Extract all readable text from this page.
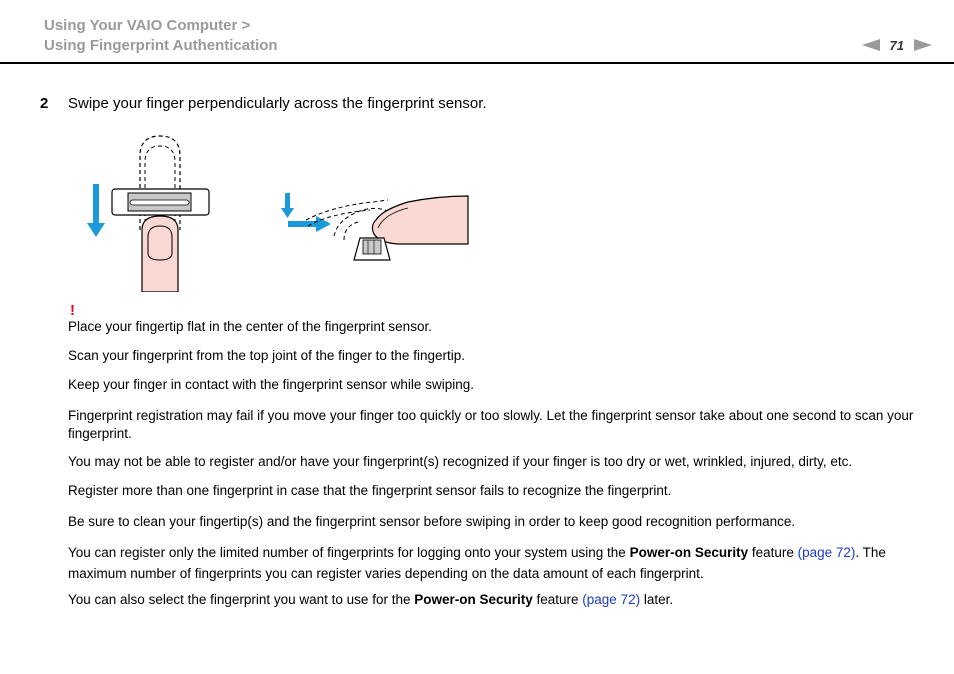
Using Your VAIO Computer >
Using Fingerprint Authentication	71
2	Swipe your finger perpendicularly across the fingerprint sensor.
!

Place your fingertip flat in the center of the fingerprint sensor.

Scan your fingerprint from the top joint of the finger to the fingertip.

Keep your finger in contact with the fingerprint sensor while swiping.

Fingerprint registration may fail if you move your finger too quickly or too slowly. Let the fingerprint sensor take about one second to scan your fingerprint.

You may not be able to register and/or have your fingerprint(s) recognized if your finger is too dry or wet, wrinkled, injured, dirty, etc.

Register more than one fingerprint in case that the fingerprint sensor fails to recognize the fingerprint.

Be sure to clean your fingertip(s) and the fingerprint sensor before swiping in order to keep good recognition performance.

You can register only the limited number of fingerprints for logging onto your system using the Power-on Security feature (page 72). The maximum number of fingerprints you can register varies depending on the data amount of each fingerprint.

You can also select the fingerprint you want to use for the Power-on Security feature (page 72) later.
